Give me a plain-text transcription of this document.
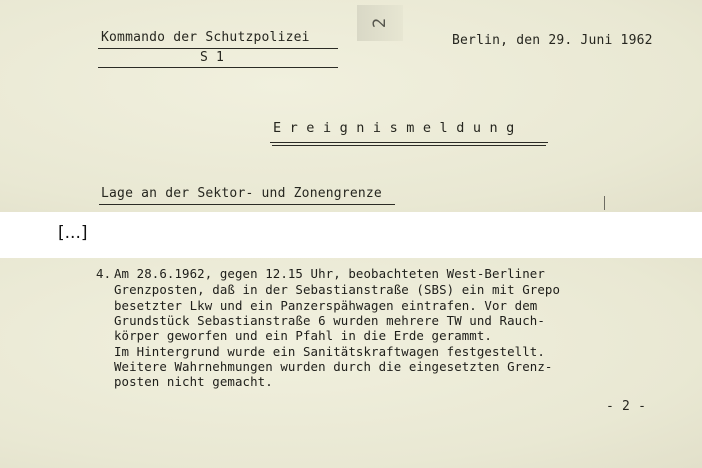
2
Kommando der Schutzpolizei
S 1
Berlin, den 29. Juni 1962
E r e i g n i s m e l d u n g
Lage an der Sektor- und Zonengrenze
[...]
4. Am 28.6.1962, gegen 12.15 Uhr, beobachteten West-Berliner
Grenzposten, daß in der Sebastianstraße (SBS) ein mit Grepo
besetzter Lkw und ein Panzerspähwagen eintrafen. Vor dem
Grundstück Sebastianstraße 6 wurden mehrere TW und Rauch-
körper geworfen und ein Pfahl in die Erde gerammt.
Im Hintergrund wurde ein Sanitätskraftwagen festgestellt.
Weitere Wahrnehmungen wurden durch die eingesetzten Grenz-
posten nicht gemacht.
- 2 -
